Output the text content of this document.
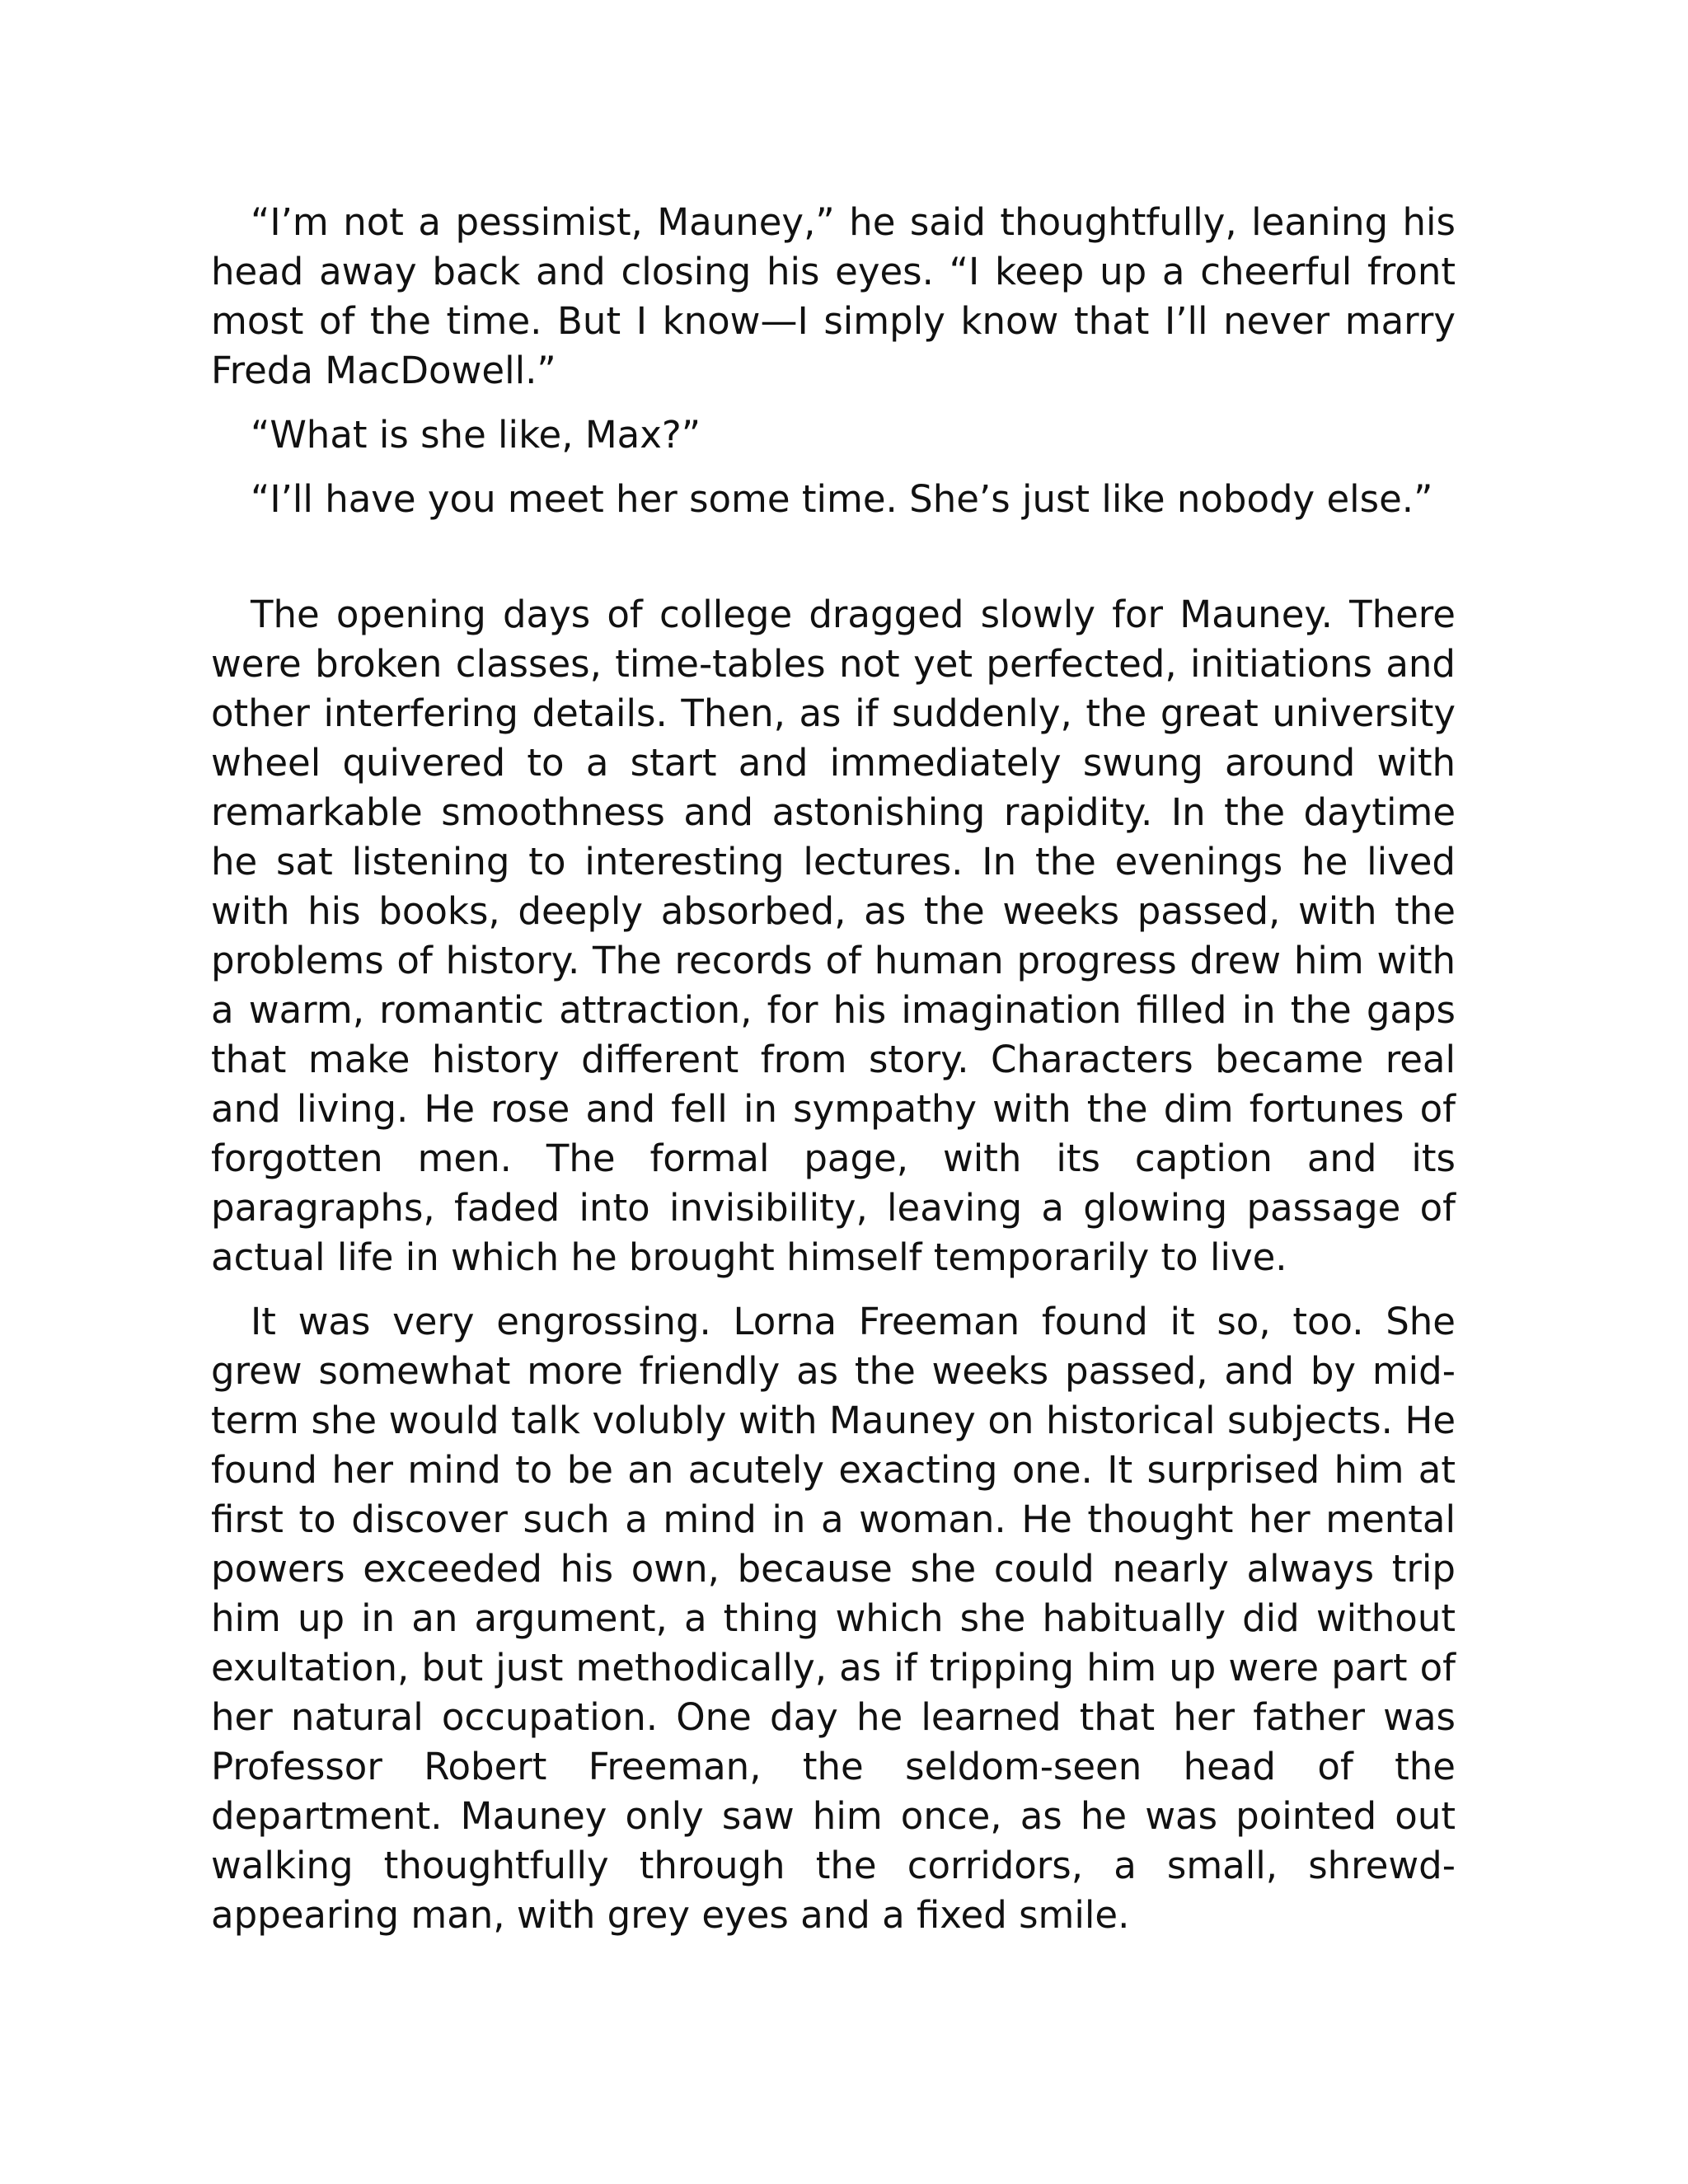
“I’m not a pessimist, Mauney,” he said thoughtfully, leaning his head away back and closing his eyes. “I keep up a cheerful front most of the time. But I know—I simply know that I’ll never marry Freda MacDowell.”

“What is she like, Max?”

“I’ll have you meet her some time. She’s just like nobody else.”

The opening days of college dragged slowly for Mauney. There were broken classes, time-tables not yet perfected, initiations and other interfering details. Then, as if suddenly, the great university wheel quivered to a start and immediately swung around with remarkable smoothness and astonishing rapidity. In the daytime he sat listening to interesting lectures. In the evenings he lived with his books, deeply absorbed, as the weeks passed, with the problems of history. The records of human progress drew him with a warm, romantic attraction, for his imagination filled in the gaps that make history different from story. Characters became real and living. He rose and fell in sympathy with the dim fortunes of forgotten men. The formal page, with its caption and its paragraphs, faded into invisibility, leaving a glowing passage of actual life in which he brought himself temporarily to live.

It was very engrossing. Lorna Freeman found it so, too. She grew somewhat more friendly as the weeks passed, and by mid-term she would talk volubly with Mauney on historical subjects. He found her mind to be an acutely exacting one. It surprised him at first to discover such a mind in a woman. He thought her mental powers exceeded his own, because she could nearly always trip him up in an argument, a thing which she habitually did without exultation, but just methodically, as if tripping him up were part of her natural occupation. One day he learned that her father was Professor Robert Freeman, the seldom-seen head of the department. Mauney only saw him once, as he was pointed out walking thoughtfully through the corridors, a small, shrewd-appearing man, with grey eyes and a fixed smile.
